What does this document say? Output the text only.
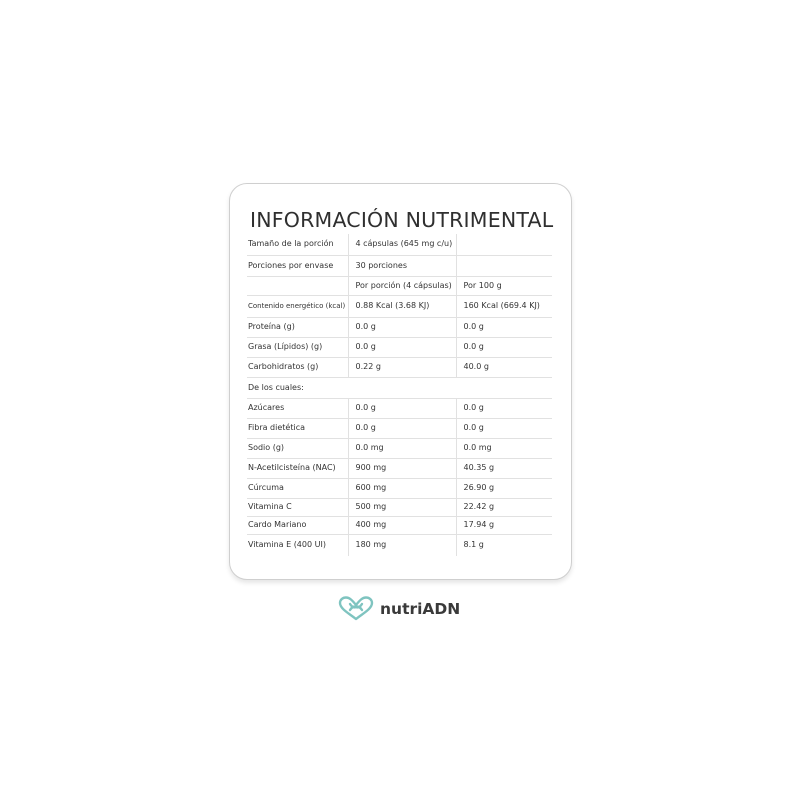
INFORMACIÓN NUTRIMENTAL
Tamaño de la porción	4 cápsulas (645 mg c/u)	
Porciones por envase	30 porciones	
	Por porción (4 cápsulas)	Por 100 g
Contenido energético (kcal)	0.88 Kcal (3.68 KJ)	160 Kcal (669.4 KJ)
Proteína (g)	0.0 g	0.0 g
Grasa (Lípidos) (g)	0.0 g	0.0 g
Carbohidratos (g)	0.22 g	40.0 g
De los cuales:		
Azúcares	0.0 g	0.0 g
Fibra dietética	0.0 g	0.0 g
Sodio (g)	0.0 mg	0.0 mg
N-Acetilcisteína (NAC)	900 mg	40.35 g
Cúrcuma	600 mg	26.90 g
Vitamina C	500 mg	22.42 g
Cardo Mariano	400 mg	17.94 g
Vitamina E (400 UI)	180 mg	8.1 g
nutriADN
